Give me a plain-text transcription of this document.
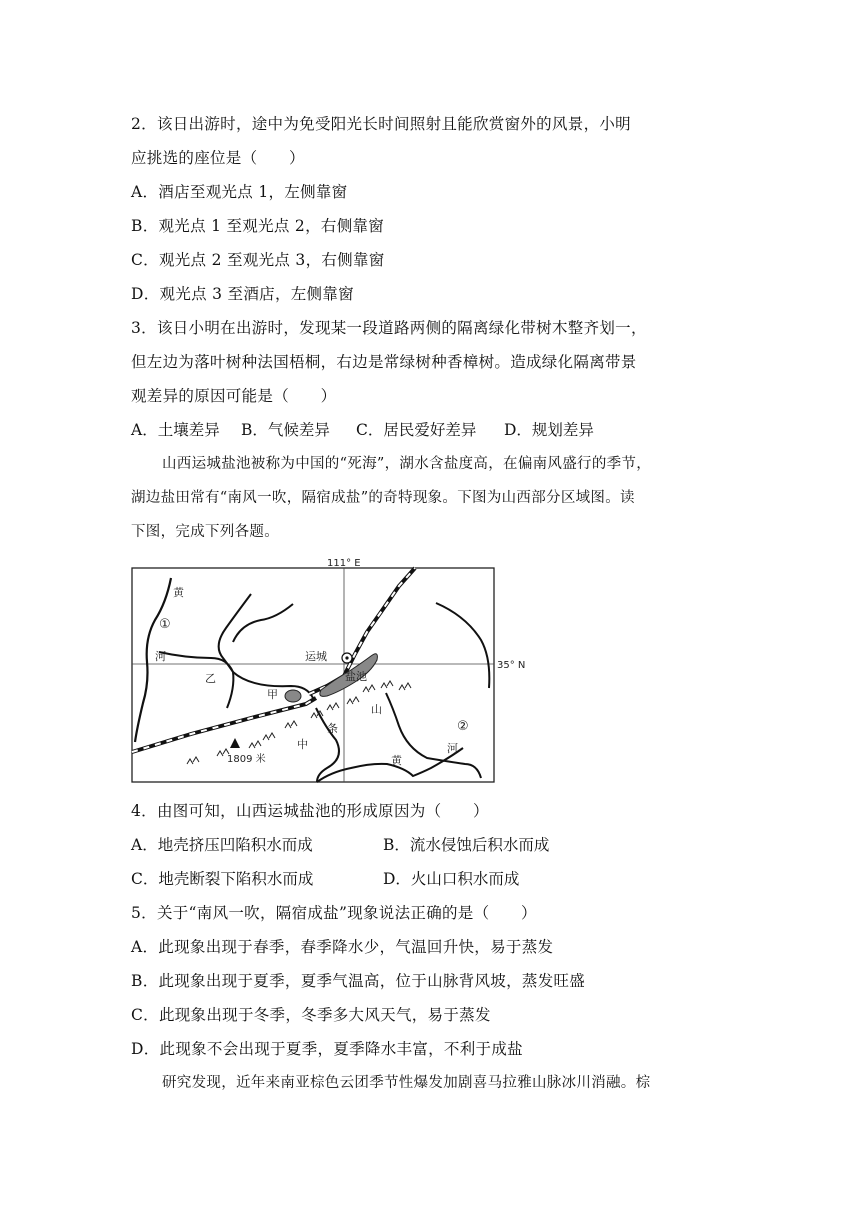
2．该日出游时，途中为免受阳光长时间照射且能欣赏窗外的风景，小明
应挑选的座位是（　　）
A．酒店至观光点 1，左侧靠窗
B．观光点 1 至观光点 2，右侧靠窗
C．观光点 2 至观光点 3，右侧靠窗
D．观光点 3 至酒店，左侧靠窗
3．该日小明在出游时，发现某一段道路两侧的隔离绿化带树木整齐划一，
但左边为落叶树种法国梧桐，右边是常绿树种香樟树。造成绿化隔离带景
观差异的原因可能是（　　）
A．土壤差异 B．气候差异 C．居民爱好差异 D．规划差异
山西运城盐池被称为中国的“死海”，湖水含盐度高，在偏南风盛行的季节，
湖边盐田常有“南风一吹，隔宿成盐”的奇特现象。下图为山西部分区域图。读
下图，完成下列各题。
111° E
35° N
黄
①
河	运城
盐池
乙
甲
山
条
中
1809 米
②
河
黄
4．由图可知，山西运城盐池的形成原因为（　　）
A．地壳挤压凹陷积水而成	B．流水侵蚀后积水而成
C．地壳断裂下陷积水而成	D．火山口积水而成
5．关于“南风一吹，隔宿成盐”现象说法正确的是（　　）
A．此现象出现于春季，春季降水少，气温回升快，易于蒸发
B．此现象出现于夏季，夏季气温高，位于山脉背风坡，蒸发旺盛
C．此现象出现于冬季，冬季多大风天气，易于蒸发
D．此现象不会出现于夏季，夏季降水丰富，不利于成盐
研究发现，近年来南亚棕色云团季节性爆发加剧喜马拉雅山脉冰川消融。棕
